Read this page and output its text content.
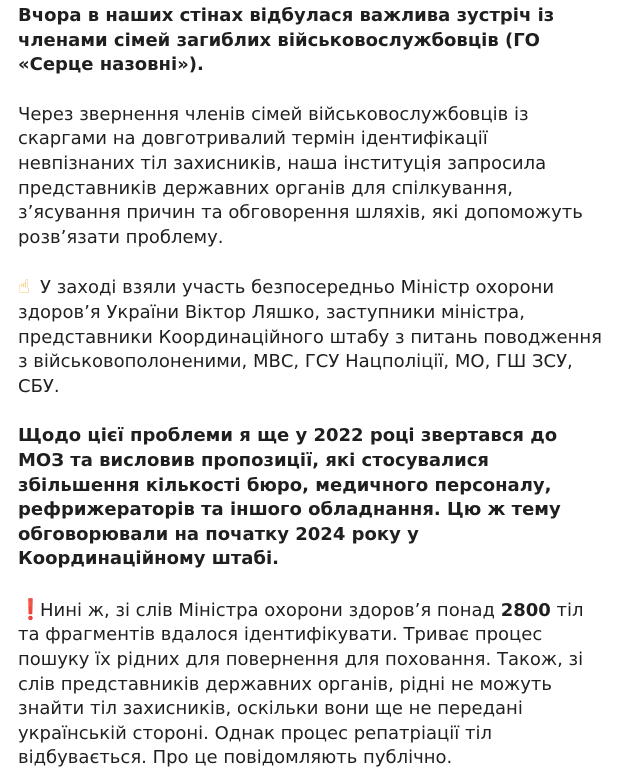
Вчора в наших стінах відбулася важлива зустріч із членами сімей загиблих військовослужбовців (ГО «Серце назовні»).

Через звернення членів сімей військовослужбовців із скаргами на довготривалий термін ідентифікації невпізнаних тіл захисників, наша інституція запросила представників державних органів для спілкування, з’ясування причин та обговорення шляхів, які допоможуть розв’язати проблему.

☝ У заході взяли участь безпосередньо Міністр охорони здоров’я України Віктор Ляшко, заступники міністра, представники Координаційного штабу з питань поводження з військовополоненими, МВС, ГСУ Нацполіції, МО, ГШ ЗСУ, СБУ.

Щодо цієї проблеми я ще у 2022 році звертався до МОЗ та висловив пропозиції, які стосувалися збільшення кількості бюро, медичного персоналу, рефрижераторів та іншого обладнання. Цю ж тему обговорювали на початку 2024 року у Координаційному штабі.

❗Нині ж, зі слів Міністра охорони здоров’я понад 2800 тіл та фрагментів вдалося ідентифікувати. Триває процес пошуку їх рідних для повернення для поховання. Також, зі слів представників державних органів, рідні не можуть знайти тіл захисників, оскільки вони ще не передані українській стороні. Однак процес репатріації тіл відбувається. Про це повідомляють публічно.
